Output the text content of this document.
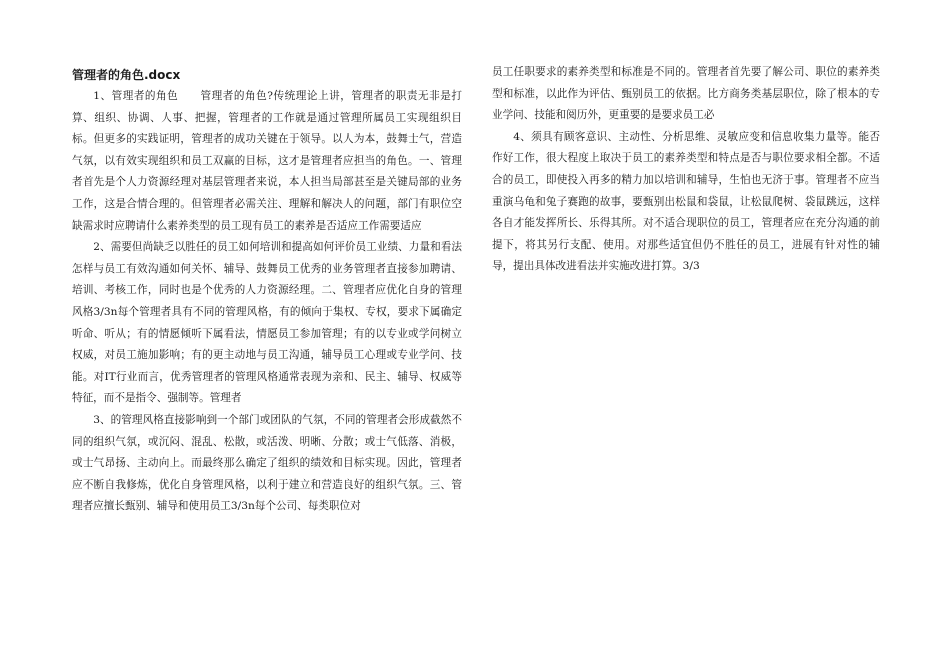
管理者的角色.docx

1、管理者的角色　　管理者的角色?传统理论上讲，管理者的职责无非是打算、组织、协调、人事、把握，管理者的工作就是通过管理所属员工实现组织目标。但更多的实践证明，管理者的成功关键在于领导。以人为本，鼓舞士气，营造气氛，以有效实现组织和员工双赢的目标，这才是管理者应担当的角色。一、管理者首先是个人力资源经理对基层管理者来说，本人担当局部甚至是关键局部的业务工作，这是合情合理的。但管理者必需关注、理解和解决人的问题，部门有职位空缺需求时应聘请什么素养类型的员工现有员工的素养是否适应工作需要适应

2、需要但尚缺乏以胜任的员工如何培训和提高如何评价员工业绩、力量和看法怎样与员工有效沟通如何关怀、辅导、鼓舞员工优秀的业务管理者直接参加聘请、培训、考核工作，同时也是个优秀的人力资源经理。二、管理者应优化自身的管理风格3/3n每个管理者具有不同的管理风格，有的倾向于集权、专权，要求下属确定听命、听从；有的情愿倾听下属看法，情愿员工参加管理；有的以专业或学问树立权威，对员工施加影响；有的更主动地与员工沟通，辅导员工心理或专业学问、技能。对IT行业而言，优秀管理者的管理风格通常表现为亲和、民主、辅导、权威等特征，而不是指令、强制等。管理者

3、的管理风格直接影响到一个部门或团队的气氛，不同的管理者会形成截然不同的组织气氛，或沉闷、混乱、松散，或活泼、明晰、分散；或士气低落、消极，或士气昂扬、主动向上。而最终那么确定了组织的绩效和目标实现。因此，管理者应不断自我修炼，优化自身管理风格，以利于建立和营造良好的组织气氛。三、管理者应擅长甄别、辅导和使用员工3/3n每个公司、每类职位对

员工任职要求的素养类型和标准是不同的。管理者首先要了解公司、职位的素养类型和标准，以此作为评估、甄别员工的依据。比方商务类基层职位，除了根本的专业学问、技能和阅历外，更重要的是要求员工必

4、须具有顾客意识、主动性、分析思维、灵敏应变和信息收集力量等。能否作好工作，很大程度上取决于员工的素养类型和特点是否与职位要求相全都。不适合的员工，即使投入再多的精力加以培训和辅导，生怕也无济于事。管理者不应当重演乌龟和兔子赛跑的故事，要甄别出松鼠和袋鼠，让松鼠爬树、袋鼠跳远，这样各自才能发挥所长、乐得其所。对不适合现职位的员工，管理者应在充分沟通的前提下，将其另行支配、使用。对那些适宜但仍不胜任的员工，进展有针对性的辅导，提出具体改进看法并实施改进打算。3/3
